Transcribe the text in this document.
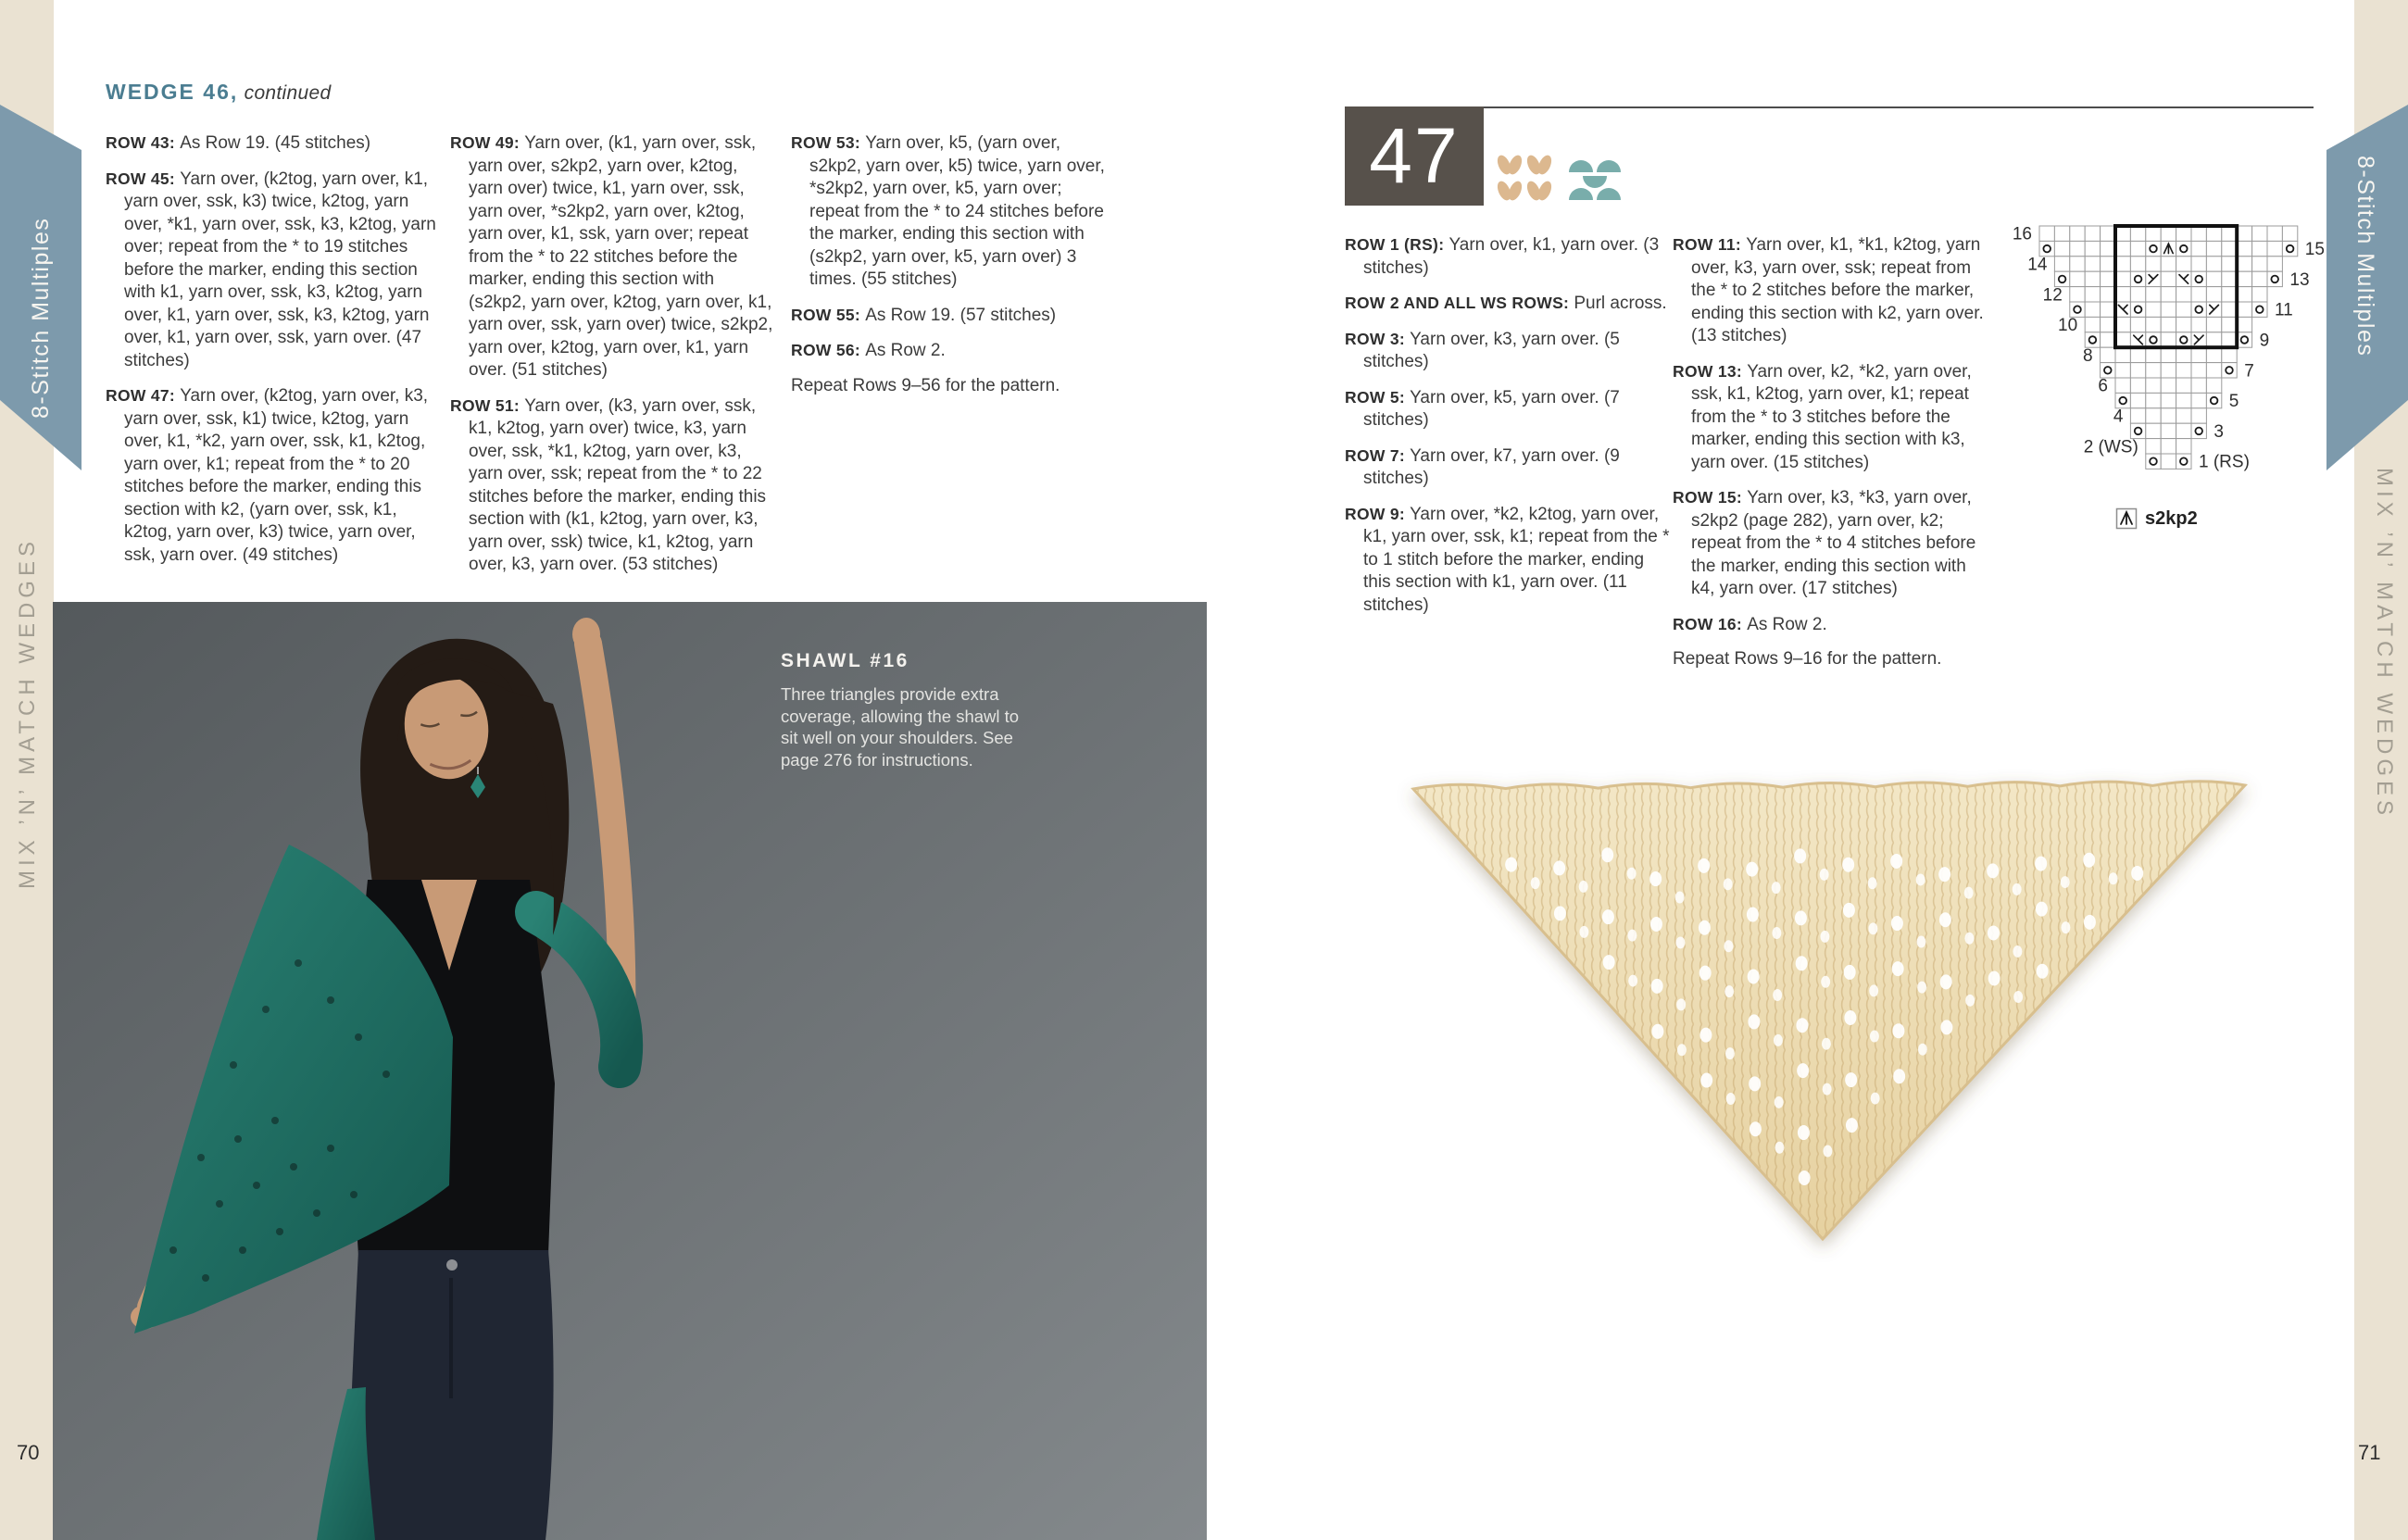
8-Stitch Multiples	8-Stitch Multiples
MIX ’N’ MATCH WEDGES	MIX ’N’ MATCH WEDGES
70	71
WEDGE 46, continued

ROW 43: As Row 19. (45 stitches)

ROW 45: Yarn over, (k2tog, yarn over, k1, yarn over, ssk, k3) twice, k2tog, yarn over, *k1, yarn over, ssk, k3, k2tog, yarn over; repeat from the * to 19 stitches before the marker, ending this section with k1, yarn over, ssk, k3, k2tog, yarn over, k1, yarn over, ssk, k3, k2tog, yarn over, k1, yarn over, ssk, yarn over. (47 stitches)

ROW 47: Yarn over, (k2tog, yarn over, k3, yarn over, ssk, k1) twice, k2tog, yarn over, k1, *k2, yarn over, ssk, k1, k2tog, yarn over, k1; repeat from the * to 20 stitches before the marker, ending this section with k2, (yarn over, ssk, k1, k2tog, yarn over, k3) twice, yarn over, ssk, yarn over. (49 stitches)

ROW 49: Yarn over, (k1, yarn over, ssk, yarn over, s2kp2, yarn over, k2tog, yarn over) twice, k1, yarn over, ssk, yarn over, *s2kp2, yarn over, k2tog, yarn over, k1, ssk, yarn over; repeat from the * to 22 stitches before the marker, ending this section with (s2kp2, yarn over, k2tog, yarn over, k1, yarn over, ssk, yarn over) twice, s2kp2, yarn over, k2tog, yarn over, k1, yarn over. (51 stitches)

ROW 51: Yarn over, (k3, yarn over, ssk, k1, k2tog, yarn over) twice, k3, yarn over, ssk, *k1, k2tog, yarn over, k3, yarn over, ssk; repeat from the * to 22 stitches before the marker, ending this section with (k1, k2tog, yarn over, k3, yarn over, ssk) twice, k1, k2tog, yarn over, k3, yarn over. (53 stitches)

ROW 53: Yarn over, k5, (yarn over, s2kp2, yarn over, k5) twice, yarn over, *s2kp2, yarn over, k5, yarn over; repeat from the * to 24 stitches before the marker, ending this section with (s2kp2, yarn over, k5, yarn over) 3 times. (55 stitches)

ROW 55: As Row 19. (57 stitches)

ROW 56: As Row 2.

Repeat Rows 9–56 for the pattern.

SHAWL #16

Three triangles provide extra coverage, allowing the shawl to sit well on your shoulders. See page 276 for instructions.

47

ROW 1 (RS): Yarn over, k1, yarn over. (3 stitches)

ROW 2 AND ALL WS ROWS: Purl across.

ROW 3: Yarn over, k3, yarn over. (5 stitches)

ROW 5: Yarn over, k5, yarn over. (7 stitches)

ROW 7: Yarn over, k7, yarn over. (9 stitches)

ROW 9: Yarn over, *k2, k2tog, yarn over, k1, yarn over, ssk, k1; repeat from the * to 1 stitch before the marker, ending this section with k1, yarn over. (11 stitches)

ROW 11: Yarn over, k1, *k1, k2tog, yarn over, k3, yarn over, ssk; repeat from the * to 2 stitches before the marker, ending this section with k2, yarn over. (13 stitches)

ROW 13: Yarn over, k2, *k2, yarn over, ssk, k1, k2tog, yarn over, k1; repeat from the * to 3 stitches before the marker, ending this section with k3, yarn over. (15 stitches)

ROW 15: Yarn over, k3, *k3, yarn over, s2kp2 (page 282), yarn over, k2; repeat from the * to 4 stitches before the marker, ending this section with k4, yarn over. (17 stitches)

ROW 16: As Row 2.

Repeat Rows 9–16 for the pattern.

16
15
14
13
12
11
10
9
8
7
6
5
4
3
2 (WS)
1 (RS)
s2kp2
